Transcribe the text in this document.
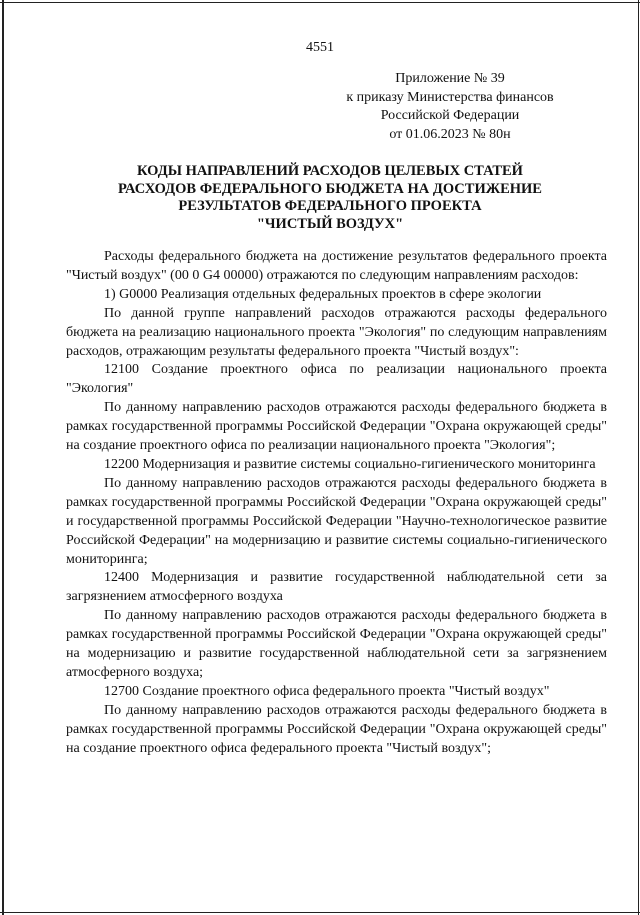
4551
Приложение № 39
к приказу Министерства финансов
Российской Федерации
от 01.06.2023 № 80н
КОДЫ НАПРАВЛЕНИЙ РАСХОДОВ ЦЕЛЕВЫХ СТАТЕЙ
РАСХОДОВ ФЕДЕРАЛЬНОГО БЮДЖЕТА НА ДОСТИЖЕНИЕ
РЕЗУЛЬТАТОВ ФЕДЕРАЛЬНОГО ПРОЕКТА
"ЧИСТЫЙ ВОЗДУХ"

Расходы федерального бюджета на достижение результатов федерального проекта "Чистый воздух" (00 0 G4 00000) отражаются по следующим направлениям расходов:

1) G0000 Реализация отдельных федеральных проектов в сфере экологии

По данной группе направлений расходов отражаются расходы федерального бюджета на реализацию национального проекта "Экология" по следующим направлениям расходов, отражающим результаты федерального проекта "Чистый воздух":

12100 Создание проектного офиса по реализации национального проекта "Экология"

По данному направлению расходов отражаются расходы федерального бюджета в рамках государственной программы Российской Федерации "Охрана окружающей среды" на создание проектного офиса по реализации национального проекта "Экология";

12200 Модернизация и развитие системы социально-гигиенического мониторинга

По данному направлению расходов отражаются расходы федерального бюджета в рамках государственной программы Российской Федерации "Охрана окружающей среды" и государственной программы Российской Федерации "Научно-технологическое развитие Российской Федерации" на модернизацию и развитие системы социально-гигиенического мониторинга;

12400 Модернизация и развитие государственной наблюдательной сети за загрязнением атмосферного воздуха

По данному направлению расходов отражаются расходы федерального бюджета в рамках государственной программы Российской Федерации "Охрана окружающей среды" на модернизацию и развитие государственной наблюдательной сети за загрязнением атмосферного воздуха;

12700 Создание проектного офиса федерального проекта "Чистый воздух"

По данному направлению расходов отражаются расходы федерального бюджета в рамках государственной программы Российской Федерации "Охрана окружающей среды" на создание проектного офиса федерального проекта "Чистый воздух";
